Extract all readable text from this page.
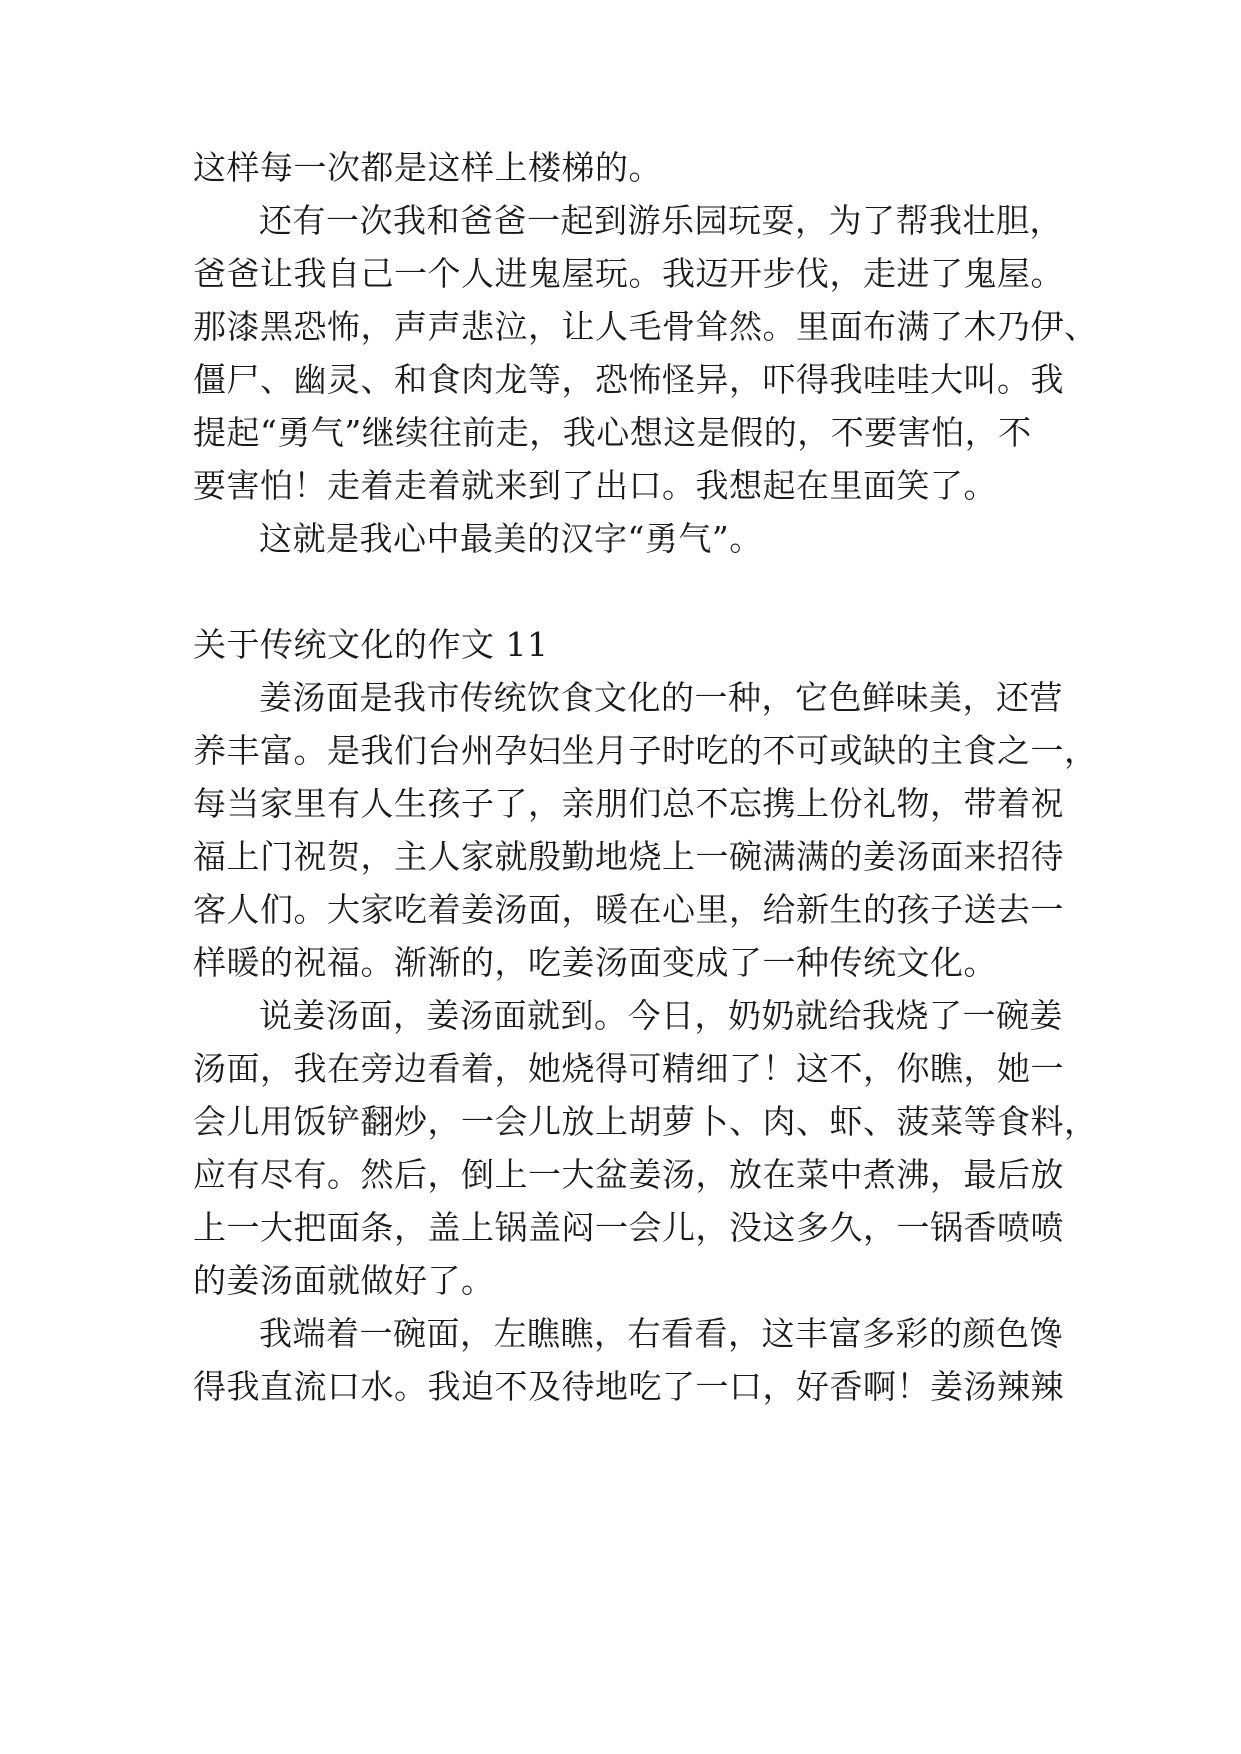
这样每一次都是这样上楼梯的。
还有一次我和爸爸一起到游乐园玩耍，为了帮我壮胆，
爸爸让我自己一个人进鬼屋玩。我迈开步伐，走进了鬼屋。
那漆黑恐怖，声声悲泣，让人毛骨耸然。里面布满了木乃伊、
僵尸、幽灵、和食肉龙等，恐怖怪异，吓得我哇哇大叫。我
提起“勇气”继续往前走，我心想这是假的，不要害怕，不
要害怕！走着走着就来到了出口。我想起在里面笑了。
这就是我心中最美的汉字“勇气”。
关于传统文化的作文 11
姜汤面是我市传统饮食文化的一种，它色鲜味美，还营
养丰富。是我们台州孕妇坐月子时吃的不可或缺的主食之一，
每当家里有人生孩子了，亲朋们总不忘携上份礼物，带着祝
福上门祝贺，主人家就殷勤地烧上一碗满满的姜汤面来招待
客人们。大家吃着姜汤面，暖在心里，给新生的孩子送去一
样暖的祝福。渐渐的，吃姜汤面变成了一种传统文化。
说姜汤面，姜汤面就到。今日，奶奶就给我烧了一碗姜
汤面，我在旁边看着，她烧得可精细了！这不，你瞧，她一
会儿用饭铲翻炒，一会儿放上胡萝卜、肉、虾、菠菜等食料，
应有尽有。然后，倒上一大盆姜汤，放在菜中煮沸，最后放
上一大把面条，盖上锅盖闷一会儿，没这多久，一锅香喷喷
的姜汤面就做好了。
我端着一碗面，左瞧瞧，右看看，这丰富多彩的颜色馋
得我直流口水。我迫不及待地吃了一口，好香啊！姜汤辣辣
